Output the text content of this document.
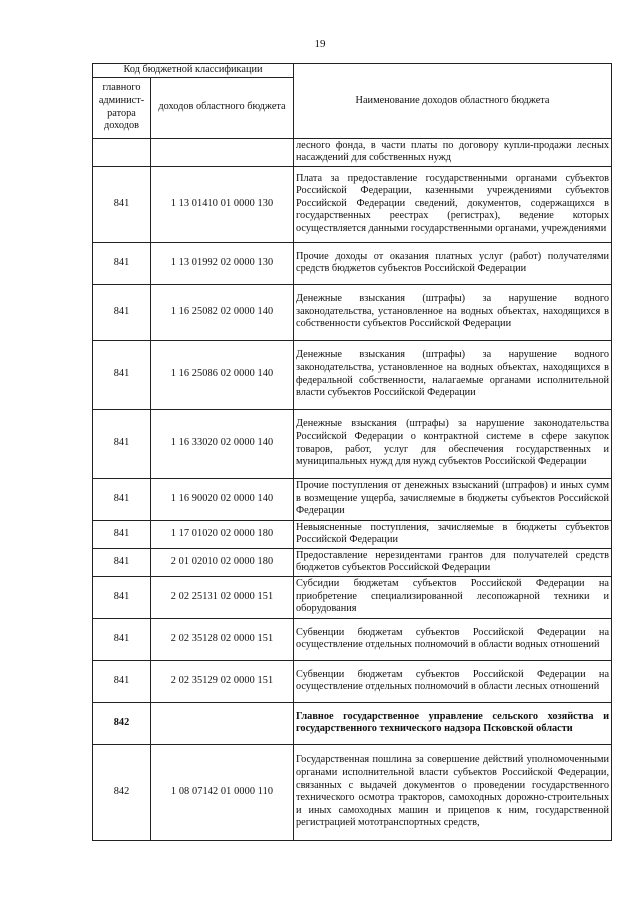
19
Код бюджетной классификации		Наименование доходов областного бюджета
главного админист-ратора доходов	доходов областного бюджета	
		лесного фонда, в части платы по договору купли-продажи лесных насаждений для собственных нужд
841	1 13 01410 01 0000 130	Плата за предоставление государственными органами субъектов Российской Федерации, казенными учреждениями субъектов Российской Федерации сведений, документов, содержащихся в государственных реестрах (регистрах), ведение которых осуществляется данными государственными органами, учреждениями
841	1 13 01992 02 0000 130	Прочие доходы от оказания платных услуг (работ) получателями средств бюджетов субъектов Российской Федерации
841	1 16 25082 02 0000 140	Денежные взыскания (штрафы) за нарушение водного законодательства, установленное на водных объектах, находящихся в собственности субъектов Российской Федерации
841	1 16 25086 02 0000 140	Денежные взыскания (штрафы) за нарушение водного законодательства, установленное на водных объектах, находящихся в федеральной собственности, налагаемые органами исполнительной власти субъектов Российской Федерации
841	1 16 33020 02 0000 140	Денежные взыскания (штрафы) за нарушение законодательства Российской Федерации о контрактной системе в сфере закупок товаров, работ, услуг для обеспечения государственных и муниципальных нужд для нужд субъектов Российской Федерации
841	1 16 90020 02 0000 140	Прочие поступления от денежных взысканий (штрафов) и иных сумм в возмещение ущерба, зачисляемые в бюджеты субъектов Российской Федерации
841	1 17 01020 02 0000 180	Невыясненные поступления, зачисляемые в бюджеты субъектов Российской Федерации
841	2 01 02010 02 0000 180	Предоставление нерезидентами грантов для получателей средств бюджетов субъектов Российской Федерации
841	2 02 25131 02 0000 151	Субсидии бюджетам субъектов Российской Федерации на приобретение специализированной лесопожарной техники и оборудования
841	2 02 35128 02 0000 151	Субвенции бюджетам субъектов Российской Федерации на осуществление отдельных полномочий в области водных отношений
841	2 02 35129 02 0000 151	Субвенции бюджетам субъектов Российской Федерации на осуществление отдельных полномочий в области лесных отношений
842		Главное государственное управление сельского хозяйства и государственного технического надзора Псковской области
842	1 08 07142 01 0000 110	Государственная пошлина за совершение действий уполномоченными органами исполнительной власти субъектов Российской Федерации, связанных с выдачей документов о проведении государственного технического осмотра тракторов, самоходных дорожно-строительных и иных самоходных машин и прицепов к ним, государственной регистрацией мототранспортных средств,
